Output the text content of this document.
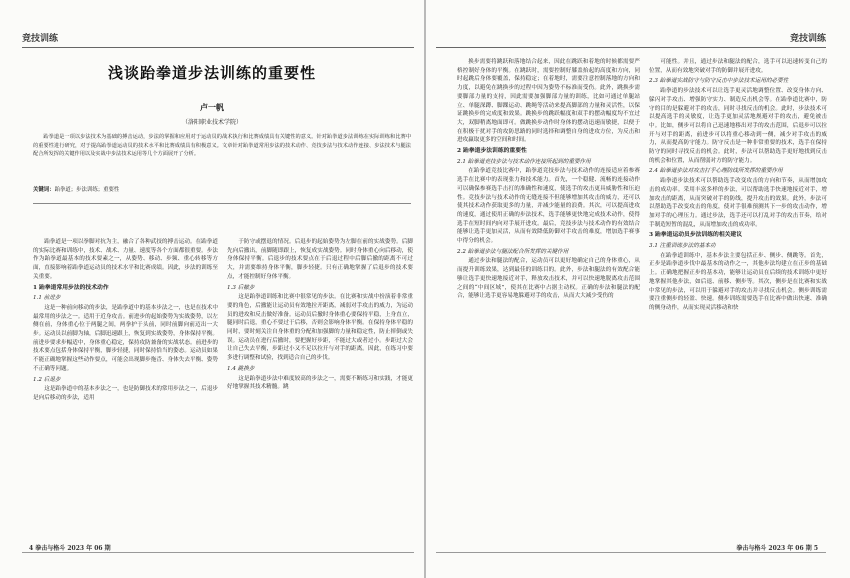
竞技训练
浅谈跆拳道步法训练的重要性
卢一帆
（洛阳职业技术学院）
跆拳道是一项以步法技术为基础的搏击运动，步法的掌握和应用对于运动员的战术执行和比赛成绩具有关键性的意义。针对跆拳道步法训练在实际训练和比赛中的重要性进行研究，对于提高跆拳道运动员的技术水平和比赛成绩具有积极意义。文章针对跆拳道常用步法的技术动作、竞技步法与技术动作连接、步法技术与腿法配合所发挥的关键作用以及实战中步法技术运用等几个方面展开了分析。
关键词：跆拳道；步法训练；重要性

跆拳道是一项以拳脚对抗为主，融合了各种武技的搏击运动。在跆拳道的实际比赛和训练中，技术、战术、力量、速度等各个方面都很重要。步法作为跆拳道最基本的技术要素之一，从姿势、移动、步频、重心转移等方面，直接影响着跆拳道运动员的技术水平和比赛成绩。因此，步法的训练至关重要。

1 跆拳道常用步法的技术动作

1.1 前进步

这是一种前向移动的步法，是跆拳道中的基本步法之一，也是在技术中最常用的步法之一。适用于近身攻击。前进步的起始姿势为实战姿势，以左侧在前，身体重心位于两腿之间，两拳护于头前，同时前脚向前迈出一大步。运动员以前脚为轴，后脚迅速跟上，恢复到实战姿势，身体保持平衡。前进步要求步幅适中，身体重心稳定，保持攻防兼备的实战状态。前进步的技术要点包括身体保持平衡，脚步轻捷，同时保持恰当的姿态。运动员如果不能正确地掌握这些动作要点，可能会出现脚步拖沓、身体失去平衡、姿势不正确等问题。

1.2 后退步

这是跆拳道中的基本步法之一，也是防御技术的常用步法之一，后退步是向后移动的步法，适用

于防守或摆退的情况。后退步的起始姿势为左脚在前的实战姿势。后脚先向后撤出，前脚随即跟上，恢复成实战姿势。同时身体重心向后移动，使身体保持平衡。后退步的技术要点在于后退过程中后脚后撤的距离不可过大，并需要维持身体平衡，脚步轻捷。只有正确地掌握了后退步的技术要点，才能控制好身体平衡。

1.3 后撤步

这是跆拳道训练和比赛中很常见的步法。在比赛和实战中扮演着非常重要的角色，后撤能让运动员有效地拉开距离，减弱对手攻击的威力，为运动员的进攻和反击做好准备。运动员后撤时身体重心要保持平稳，上身直立，腿同时后退，重心不要过于后移，否则会影响身体平衡。在保持身体平稳的同时，要时刻关注自身体重的分配和加强脚的力量和稳定性，防止摔倒或失误。运动员在进行后撤时，要把握好步距，不能过大或者过小。步距过大会让自己失去平衡，步距过小又不足以拉开与对手的距离。因此，在练习中要多进行调整和试验，找到适合自己的步伐。

1.4 跳换步

这是跆拳道步法中难度较高的步法之一，需要不断练习和实践，才能更好地掌握其技术精髓。跳

4 拳击与格斗 2023 年 06 期
竞技训练

换步需要将跳跃和落地结合起来，因此在跳跃和着地的时候都需要严格控制好身体的平衡。在跳跃时，需要控制好膝盖抬起的高度和方向，同时起跳后身体要覆盖，保持稳定；在着地时，需要注意控制落地的方向和力度，以避免在跳换步的过程中因为姿势不标准而受伤。此外，跳换步需要脚部力量的支持，因此需要加强脚部力量的训练，比如可通过单腿站立、单腿深蹲、脚踝运动、跳绳等活动来提高脚部的力量和灵活性，以保证跳换步的完成度和效果。跳换步的跳跃幅度和双手的摆动幅度均不宜过大，双脚稍离地面即可。做跳换步动作时身体的摆动迅速而敏捷，以便于在积极干扰对手的攻防思路的同时选择和调整自身的进攻方位，为反击和进攻赢取更多的空间和时间。

2 跆拳道步法训练的重要性

2.1 跆拳道竞技步法与技术动作连接所起到的重要作用

在跆拳道竞技比赛中，跆拳道竞技步法与技术动作的连接适应着参赛选手在比赛中的表现张力和技术能力。首先，一个稳健、流畅的连接动作可以确保参赛选手击打的准确性和速度，使选手的攻击更具威胁性和压迫性。竞技步法与技术动作的无缝连接不但能够增加其攻击的威力，还可以使其技术动作获取更多的力量，并减少能量的浪费。其次，可以提高进攻的速度，通过使用正确的步法技术，选手能够更快地完成技术动作，使得选手在短时间内向对手展开进攻。最后，竞技步法与技术动作的有效结合能够让选手更加灵活，从而有效降低防御对手攻击的难度，增加选手赛事中得分的机会。

2.2 跆拳道步法与腿法配合所发挥的关键作用

通过步法和腿法的配合，运动员可以更好地确定自己的身体重心，从而提升训练效果，达到最佳的训练目的。此外，步法和腿法的有效配合能够让选手更快速地接近对手，释放攻击技术，并可以快速地脱离攻击范围之间的“中间区域”，使其在比赛中占据主动权。正确的步法和腿法的配合，能够让选手更容易地躲避对手的攻击，从而大大减少受伤的

可能性。并且，通过步法和腿法的配合，选手可以迅速转变自己的位置，从而有效地突破对手的防御并展开进攻。

2.3 跆拳道实战防守与防守反击中步法技术运用的必要性

跆拳道的步法技术可以让选手更灵活地调整位置、改变身体方向、躲闪对手攻击、增强防守实力、制造反击机会等。在跆拳道比赛中，防守的目的是躲避对手的攻击，同时寻找反击的机会。此时，步法技术可以提高选手的灵敏度，让选手更加灵活地规避对手的攻击，避免被击中。比如，侧步可以将自己迅速地移出对手的攻击范围，后退步可以拉开与对手的距离，前进步可以将重心移动到一侧，减少对手攻击的威力，从而提高防守能力。防守反击是一种非常重要的技术，选手在保持防守的同时寻找反击的机会。此时，步法可以帮助选手更好地找到反击的机会和位置，从而削弱对方的防守能力。

2.4 跆拳道步法对攻击打乎心理防线所发挥的重要作用

跆拳道步法技术可以帮助选手改变攻击的方向和节奏，从而增加攻击的成功率。采用丰富多样的步法，可以帮助选手快速地接近对手，增加攻击的距离，从而突破对手的防线，提升攻击的效果。此外，步法可以帮助选手改变攻击的角度，使对手很难预测其下一步的攻击动作，增加对手的心理压力。通过步法，选手还可以打乱对手的攻击节奏，给对手制造短暂的混乱，从而增加攻击的成功率。

3 跆拳道运动员步法训练的相关建议

3.1 注重训练步法的基本功

在跆拳道训练中，基本步法主要包括正步、侧步、侧跳等。首先，正步是跆拳道步伐中最基本的动作之一，其他步法均建立在正步的基础上。正确地把握正步的基本功，能够让运动员在后续的技术训练中更好地掌握其他步法，如后退、前移、侧步等。其次，侧步是在比赛和实战中常见的步法，可以用于躲避对手的攻击并寻找反击机会。侧步训练需要注重侧步的轻盈、快速。侧步训练需要选手在比赛中做出快速、准确的侧身动作，从而实现灵活移动和快

拳击与格斗 2023 年 06 期 5
